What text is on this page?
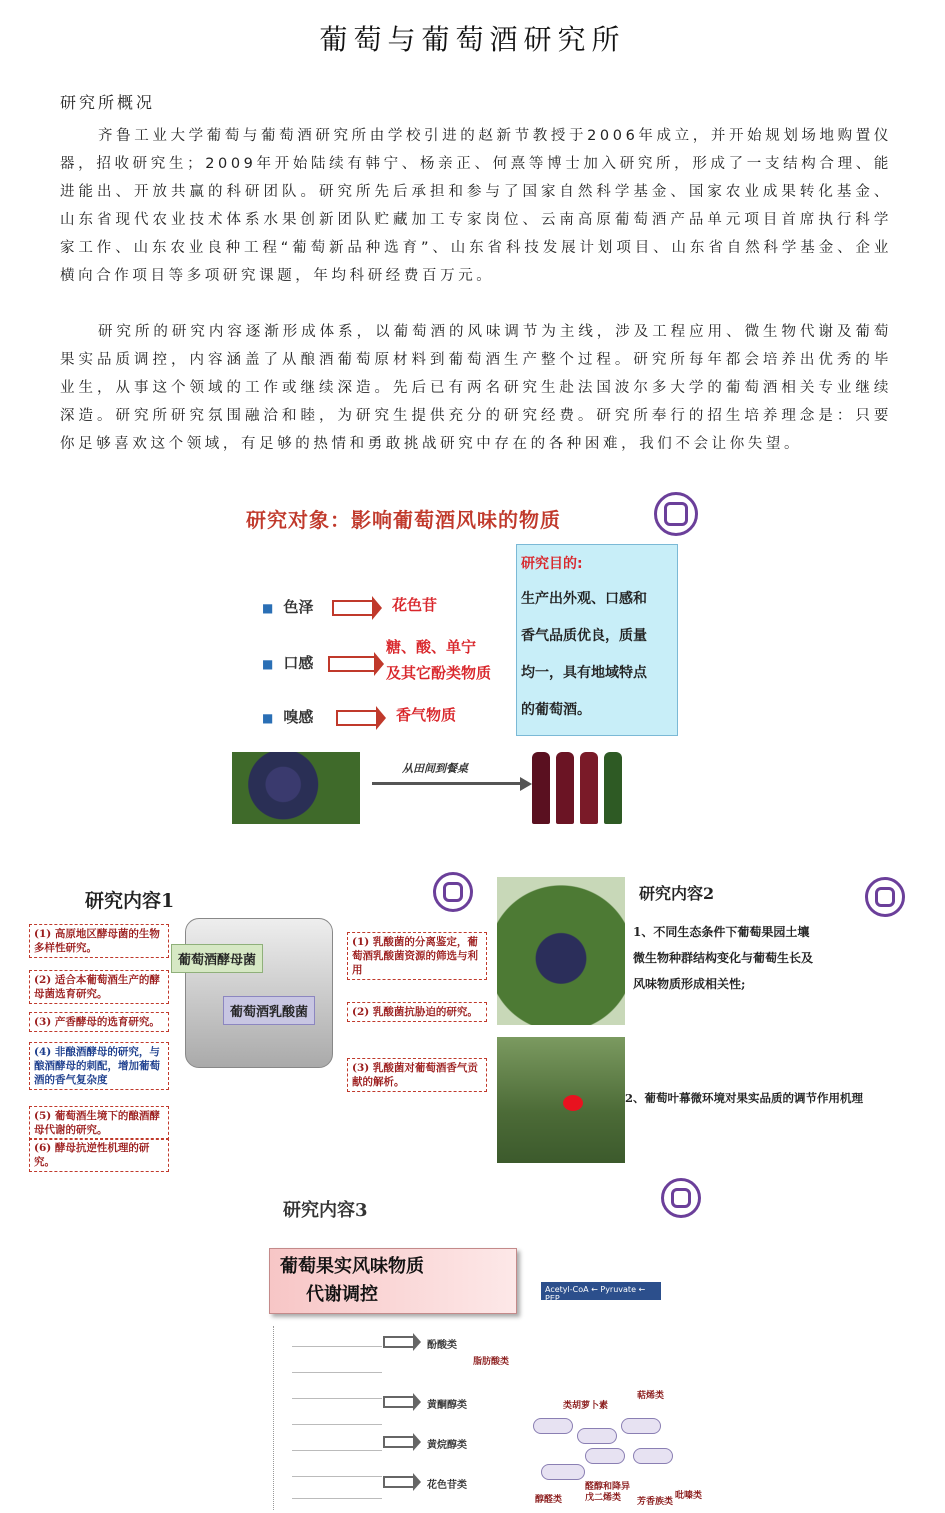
葡萄与葡萄酒研究所
研究所概况

齐鲁工业大学葡萄与葡萄酒研究所由学校引进的赵新节教授于2006年成立，并开始规划场地购置仪器，招收研究生；2009年开始陆续有韩宁、杨亲正、何熹等博士加入研究所，形成了一支结构合理、能进能出、开放共赢的科研团队。研究所先后承担和参与了国家自然科学基金、国家农业成果转化基金、山东省现代农业技术体系水果创新团队贮藏加工专家岗位、云南高原葡萄酒产品单元项目首席执行科学家工作、山东农业良种工程“葡萄新品种选育”、山东省科技发展计划项目、山东省自然科学基金、企业横向合作项目等多项研究课题，年均科研经费百万元。

研究所的研究内容逐渐形成体系，以葡萄酒的风味调节为主线，涉及工程应用、微生物代谢及葡萄果实品质调控，内容涵盖了从酿酒葡萄原材料到葡萄酒生产整个过程。研究所每年都会培养出优秀的毕业生，从事这个领域的工作或继续深造。先后已有两名研究生赴法国波尔多大学的葡萄酒相关专业继续深造。研究所研究氛围融洽和睦，为研究生提供充分的研究经费。研究所奉行的招生培养理念是：只要你足够喜欢这个领域，有足够的热情和勇敢挑战研究中存在的各种困难，我们不会让你失望。

研究对象：影响葡萄酒风味的物质
■ 色泽	花色苷
■ 口感
糖、酸、单宁
及其它酚类物质
■ 嗅感	香气物质
研究目的:
生产出外观、口感和
香气品质优良，质量
均一，具有地域特点
的葡萄酒。
从田间到餐桌
研究内容1
(1) 高原地区酵母菌的生物多样性研究。
(2) 适合本葡萄酒生产的酵母菌选育研究。
(3) 产香酵母的选育研究。
(4) 非酿酒酵母的研究，与酿酒酵母的刺配，增加葡萄酒的香气复杂度
(5) 葡萄酒生境下的酿酒酵母代谢的研究。
(6) 酵母抗逆性机理的研究。
葡萄酒酵母菌
葡萄酒乳酸菌
(1) 乳酸菌的分离鉴定，葡萄酒乳酸菌资源的筛选与利用
(2) 乳酸菌抗胁迫的研究。
(3) 乳酸菌对葡萄酒香气贡献的解析。
研究内容2
1、不同生态条件下葡萄果园土壤
微生物种群结构变化与葡萄生长及
风味物质形成相关性;
2、葡萄叶幕微环境对果实品质的调节作用机理
研究内容3
葡萄果实风味物质
代谢调控
酚酸类
黄酮醇类
黄烷醇类
花色苷类
Acetyl-CoA ← Pyruvate ← PEP
脂肪酸类
类胡萝卜素
萜烯类
醇醛类
醛醇和降异戊二烯类	芳香族类
吡嗪类
